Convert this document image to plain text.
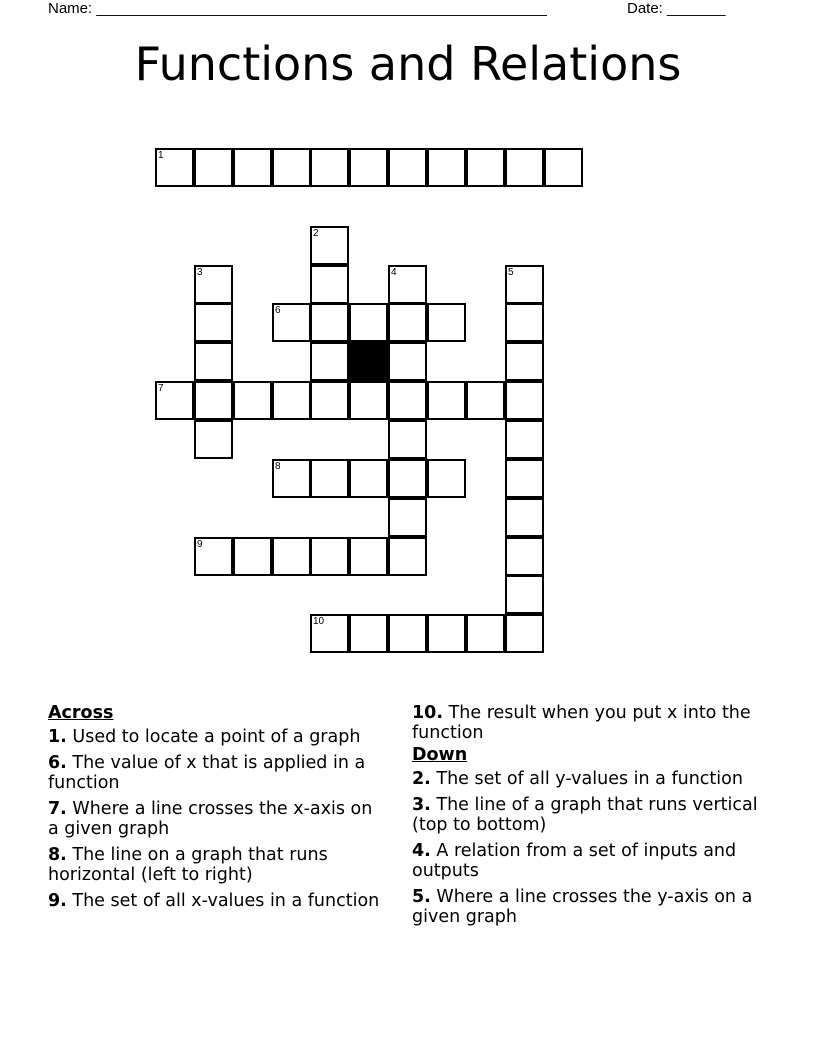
Name: ______________________________________________________	Date: _______
Functions and Relations
1
2
3	4	5
6
7
8
9
10
Across
1. Used to locate a point of a graph
6. The value of x that is applied in a function
7. Where a line crosses the x-axis on a given graph
8. The line on a graph that runs horizontal (left to right)
9. The set of all x-values in a function
10. The result when you put x into the function
Down
2. The set of all y-values in a function
3. The line of a graph that runs vertical (top to bottom)
4. A relation from a set of inputs and outputs
5. Where a line crosses the y-axis on a given graph
